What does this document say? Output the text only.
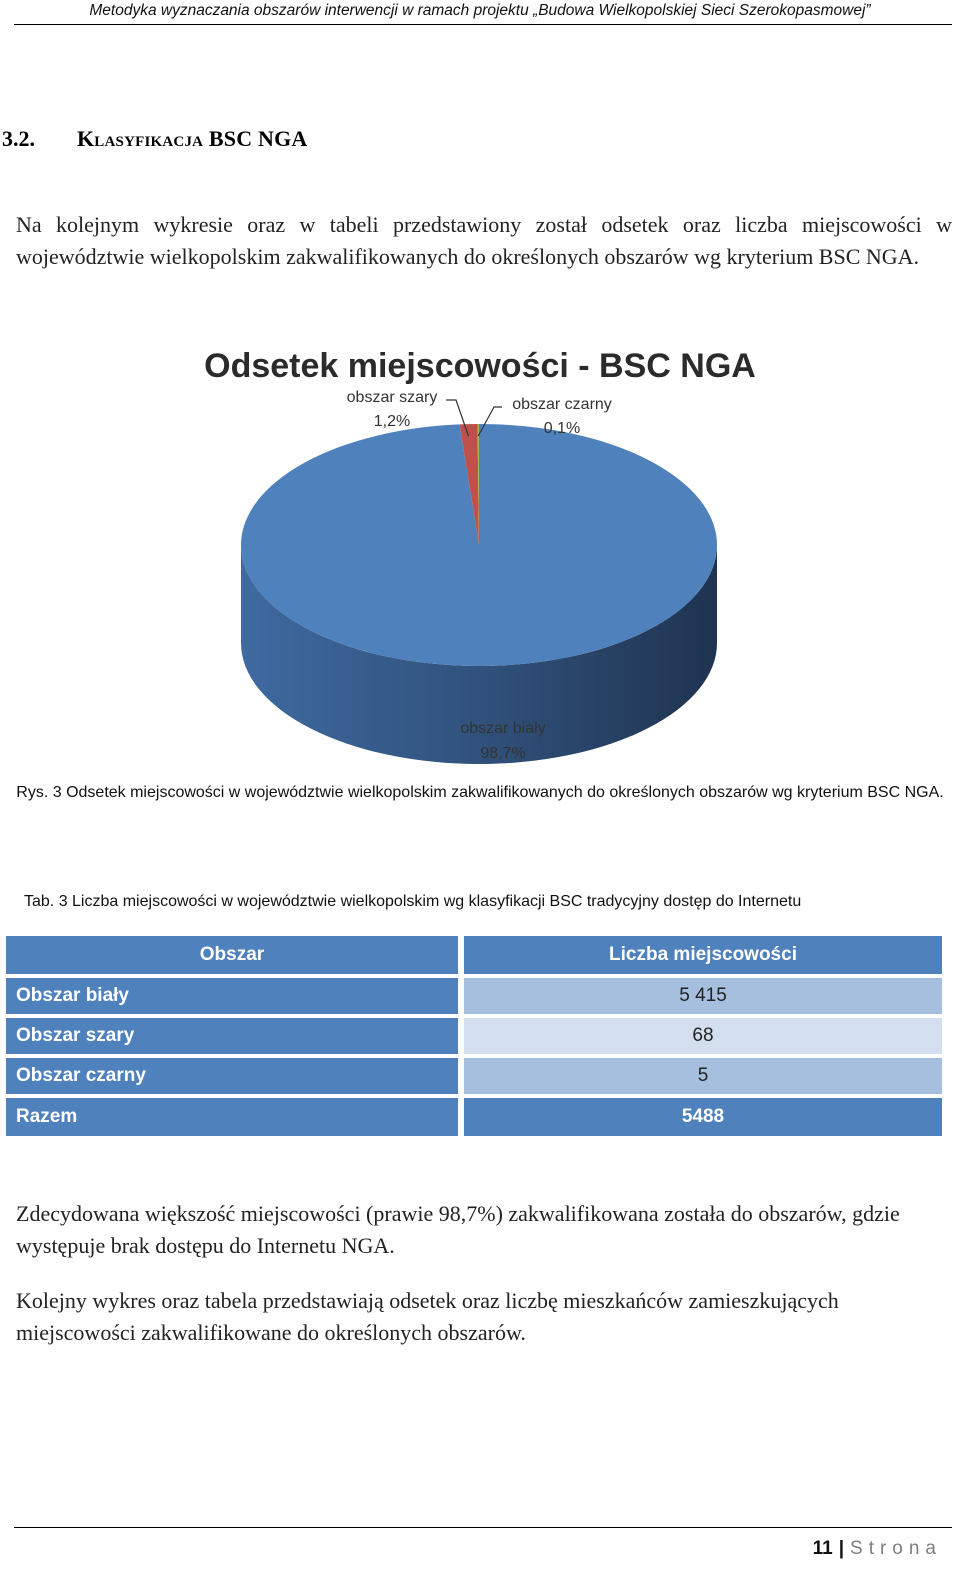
Metodyka wyznaczania obszarów interwencji w ramach projektu „Budowa Wielkopolskiej Sieci Szerokopasmowej”
3.2. Klasyfikacja BSC NGA
Na kolejnym wykresie oraz w tabeli przedstawiony został odsetek oraz liczba miejscowości w województwie wielkopolskim zakwalifikowanych do określonych obszarów wg kryterium BSC NGA.
Odsetek miejscowości - BSC NGA
obszar szary
1,2%
obszar czarny
0,1%
obszar biały
98,7%
Rys. 3 Odsetek miejscowości w województwie wielkopolskim zakwalifikowanych do określonych obszarów wg kryterium BSC NGA.
Tab. 3 Liczba miejscowości w województwie wielkopolskim wg klasyfikacji BSC tradycyjny dostęp do Internetu
Obszar	Liczba miejscowości
Obszar biały	5 415
Obszar szary	68
Obszar czarny	5
Razem	5488
Zdecydowana większość miejscowości (prawie 98,7%) zakwalifikowana została do obszarów, gdzie występuje brak dostępu do Internetu NGA.
Kolejny wykres oraz tabela przedstawiają odsetek oraz liczbę mieszkańców zamieszkujących miejscowości zakwalifikowane do określonych obszarów.
11 | Strona
